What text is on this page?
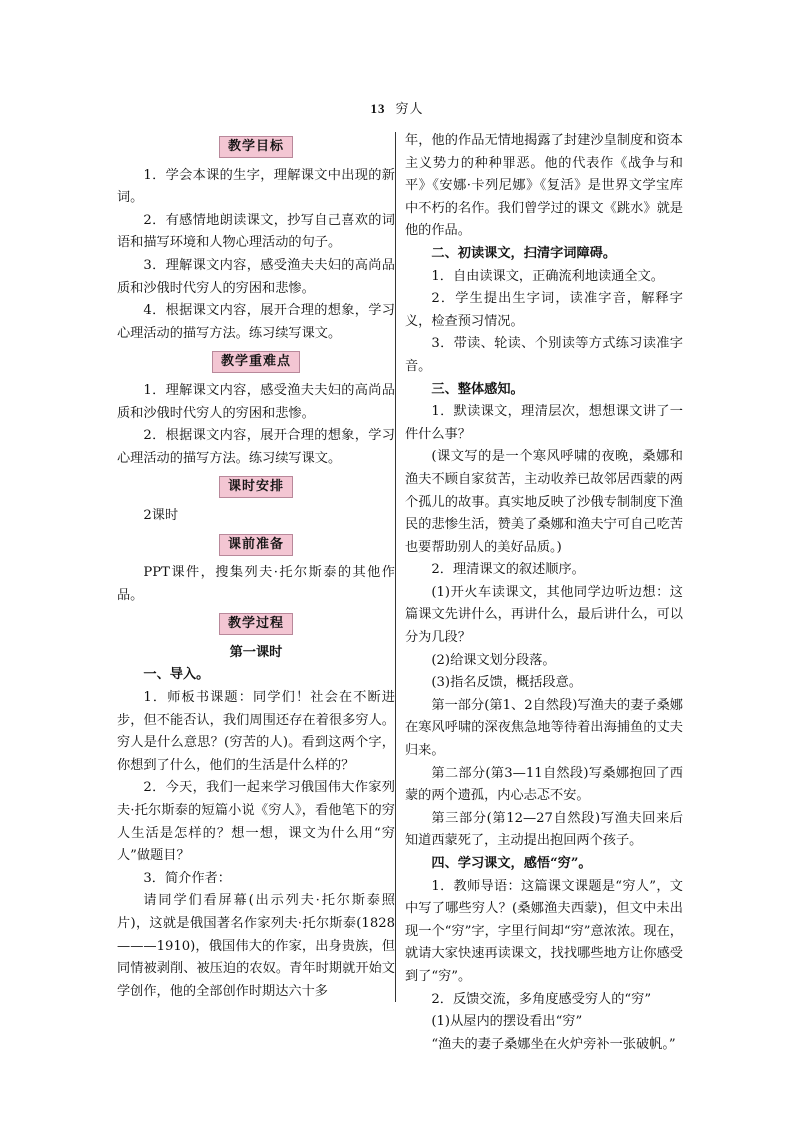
13 穷人
教学目标

1．学会本课的生字，理解课文中出现的新词。

2．有感情地朗读课文，抄写自己喜欢的词语和描写环境和人物心理活动的句子。

3．理解课文内容，感受渔夫夫妇的高尚品质和沙俄时代穷人的穷困和悲惨。

4．根据课文内容，展开合理的想象，学习心理活动的描写方法。练习续写课文。

教学重难点

1．理解课文内容，感受渔夫夫妇的高尚品质和沙俄时代穷人的穷困和悲惨。

2．根据课文内容，展开合理的想象，学习心理活动的描写方法。练习续写课文。

课时安排

2课时

课前准备

PPT课件，搜集列夫·托尔斯泰的其他作品。

教学过程

第一课时

一、导入。

1．师板书课题：同学们！社会在不断进步，但不能否认，我们周围还存在着很多穷人。穷人是什么意思？(穷苦的人)。看到这两个字，你想到了什么，他们的生活是什么样的？

2．今天，我们一起来学习俄国伟大作家列夫·托尔斯泰的短篇小说《穷人》，看他笔下的穷人生活是怎样的？想一想，课文为什么用“穷人”做题目？

3．简介作者：

请同学们看屏幕(出示列夫·托尔斯泰照片)，这就是俄国著名作家列夫·托尔斯泰(1828———1910)，俄国伟大的作家，出身贵族，但同情被剥削、被压迫的农奴。青年时期就开始文学创作，他的全部创作时期达六十多

年，他的作品无情地揭露了封建沙皇制度和资本主义势力的种种罪恶。他的代表作《战争与和平》《安娜·卡列尼娜》《复活》是世界文学宝库中不朽的名作。我们曾学过的课文《跳水》就是他的作品。

二、初读课文，扫清字词障碍。

1．自由读课文，正确流利地读通全文。

2．学生提出生字词，读准字音，解释字义，检查预习情况。

3．带读、轮读、个别读等方式练习读准字音。

三、整体感知。

1．默读课文，理清层次，想想课文讲了一件什么事？

(课文写的是一个寒风呼啸的夜晚，桑娜和渔夫不顾自家贫苦，主动收养已故邻居西蒙的两个孤儿的故事。真实地反映了沙俄专制制度下渔民的悲惨生活，赞美了桑娜和渔夫宁可自己吃苦也要帮助别人的美好品质。)

2．理清课文的叙述顺序。

(1)开火车读课文，其他同学边听边想：这篇课文先讲什么，再讲什么，最后讲什么，可以分为几段？

(2)给课文划分段落。

(3)指名反馈，概括段意。

第一部分(第1、2自然段)写渔夫的妻子桑娜在寒风呼啸的深夜焦急地等待着出海捕鱼的丈夫归来。

第二部分(第3—11自然段)写桑娜抱回了西蒙的两个遗孤，内心忐忑不安。

第三部分(第12—27自然段)写渔夫回来后知道西蒙死了，主动提出抱回两个孩子。

四、学习课文，感悟“穷”。

1．教师导语：这篇课文课题是“穷人”，文中写了哪些穷人？(桑娜渔夫西蒙)，但文中未出现一个“穷”字，字里行间却“穷”意浓浓。现在，就请大家快速再读课文，找找哪些地方让你感受到了“穷”。

2．反馈交流，多角度感受穷人的“穷”

(1)从屋内的摆设看出“穷”

“渔夫的妻子桑娜坐在火炉旁补一张破帆。”
